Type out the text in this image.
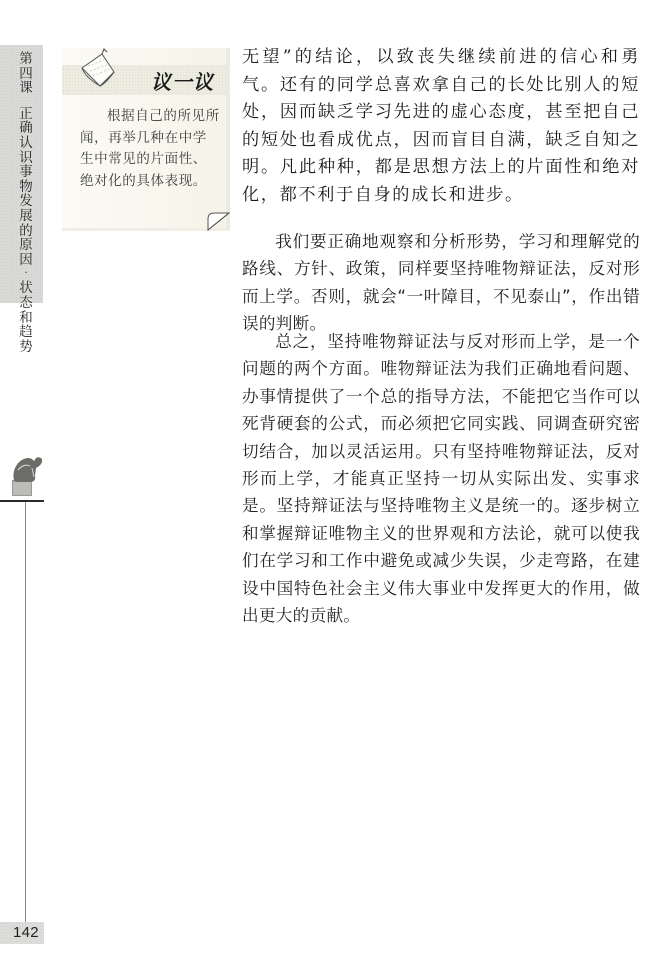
第四课
正确认识事物发展的原因
·
状态和趋势
议一议
根据自己的所见所闻，再举几种在中学生中常见的片面性、绝对化的具体表现。

无望”的结论，以致丧失继续前进的信心和勇气。还有的同学总喜欢拿自己的长处比别人的短处，因而缺乏学习先进的虚心态度，甚至把自己的短处也看成优点，因而盲目自满，缺乏自知之明。凡此种种，都是思想方法上的片面性和绝对化，都不利于自身的成长和进步。

我们要正确地观察和分析形势，学习和理解党的路线、方针、政策，同样要坚持唯物辩证法，反对形而上学。否则，就会“一叶障目，不见泰山”，作出错误的判断。

总之，坚持唯物辩证法与反对形而上学，是一个问题的两个方面。唯物辩证法为我们正确地看问题、办事情提供了一个总的指导方法，不能把它当作可以死背硬套的公式，而必须把它同实践、同调查研究密切结合，加以灵活运用。只有坚持唯物辩证法，反对形而上学，才能真正坚持一切从实际出发、实事求是。坚持辩证法与坚持唯物主义是统一的。逐步树立和掌握辩证唯物主义的世界观和方法论，就可以使我们在学习和工作中避免或减少失误，少走弯路，在建设中国特色社会主义伟大事业中发挥更大的作用，做出更大的贡献。

142
